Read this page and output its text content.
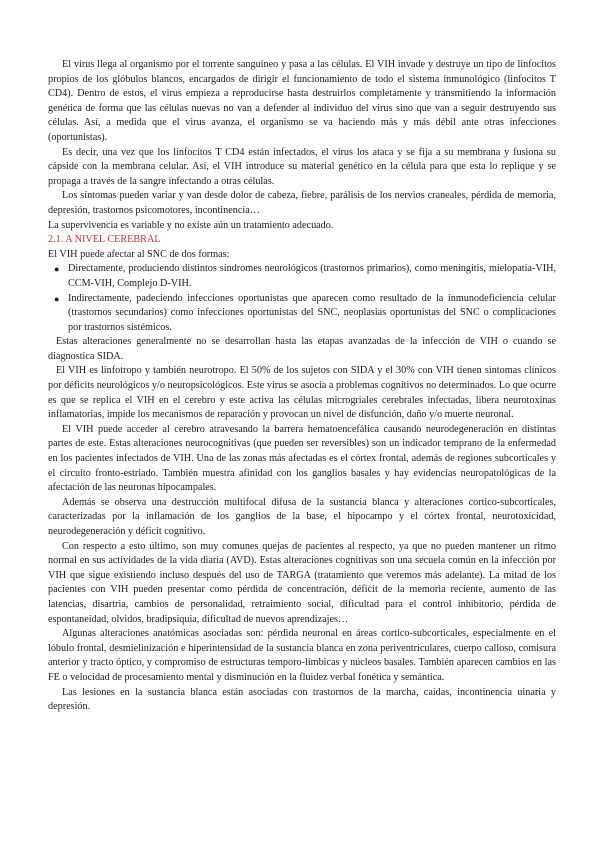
El virus llega al organismo por el torrente sanguíneo y pasa a las células. El VIH invade y destruye un tipo de linfocitos propios de los glóbulos blancos, encargados de dirigir el funcionamiento de todo el sistema inmunológico (linfocitos T CD4). Dentro de estos, el virus empieza a reproducirse hasta destruirlos completamente y transmitiendo la información genética de forma que las células nuevas no van a defender al individuo del virus sino que van a seguir destruyendo sus células. Así, a medida que el virus avanza, el organismo se va haciendo más y más débil ante otras infecciones (oportunistas).

Es decir, una vez que los linfocitos T CD4 están infectados, el virus los ataca y se fija a su membrana y fusiona su cápside con la membrana celular. Así, el VIH introduce su material genético en la célula para que esta lo replique y se propaga a través de la sangre infectando a otras células.

Los síntomas pueden variar y van desde dolor de cabeza, fiebre, parálisis de los nervios craneales, pérdida de memoria, depresión, trastornos psicomotores, incontinencia…

La supervivencia es variable y no existe aún un tratamiento adecuado.

2.1. A NIVEL CEREBRAL

El VIH puede afectar al SNC de dos formas:

● Directamente, produciendo distintos síndromes neurológicos (trastornos primarios), como meningitis, mielopatía-VIH, CCM-VIH, Complejo D-VIH.
● Indirectamente, padeciendo infecciones oportunistas que aparecen como resultado de la inmunodeficiencia celular (trastornos secundarios) como infecciones oportunistas del SNC, neoplasias oportunistas del SNC o complicaciones por trastornos sistémicos.

Estas alteraciones generalmente no se desarrollan hasta las etapas avanzadas de la infección de VIH o cuando se diagnostica SIDA.

El VIH es linfotropo y también neurotropo. El 50% de los sujetos con SIDA y el 30% con VIH tienen síntomas clínicos por déficits neurológicos y/o neuropsicológicos. Este virus se asocia a problemas cognitivos no determinados. Lo que ocurre es que se replica el VIH en el cerebro y este activa las células microgriales cerebrales infectadas, libera neurotoxinas inflamatorias, impide los mecanismos de reparación y provocan un nivel de disfunción, daño y/o muerte neuronal.

El VIH puede acceder al cerebro atravesando la barrera hematoencefálica causando neurodegeneración en distintas partes de este. Estas alteraciones neurocognitivas (que pueden ser reversibles) son un indicador temprano de la enfermedad en los pacientes infectados de VIH. Una de las zonas más afectadas es el córtex frontal, además de regiones subcorticales y el circuito fronto-estriado. También muestra afinidad con los ganglios basales y hay evidencias neuropatológicas de la afectación de las neuronas hipocampales.

Además se observa una destrucción multifocal difusa de la sustancia blanca y alteraciones cortico-subcorticales, caracterizadas por la inflamación de los ganglios de la base, el hipocampo y el córtex frontal, neurotoxicidad, neurodegeneración y déficit cognitivo.

Con respecto a esto último, son muy comunes quejas de pacientes al respecto, ya que no pueden mantener un ritmo normal en sus actividades de la vida diaria (AVD). Estas alteraciones cognitivas son una secuela común en la infección por VIH que sigue existiendo incluso después del uso de TARGA (tratamiento que veremos más adelante). La mitad de los pacientes con VIH pueden presentar como pérdida de concentración, déficit de la memoria reciente, aumento de las latencias, disartria, cambios de personalidad, retraimiento social, dificultad para el control inhibitorio, pérdida de espontaneidad, olvidos, bradipsiquia, dificultad de nuevos aprendizajes…

Algunas alteraciones anatómicas asociadas son: pérdida neuronal en áreas cortico-subcorticales, especialmente en el lóbulo frontal, desmielinización e hiperintensidad de la sustancia blanca en zona periventriculares, cuerpo calloso, comisura anterior y tracto óptico, y compromiso de estructuras temporo-límbicas y núcleos basales. También aparecen cambios en las FE o velocidad de procesamiento mental y disminución en la fluidez verbal fonética y semántica.

Las lesiones en la sustancia blanca están asociadas con trastornos de la marcha, caídas, incontinencia uinaria y depresión.
